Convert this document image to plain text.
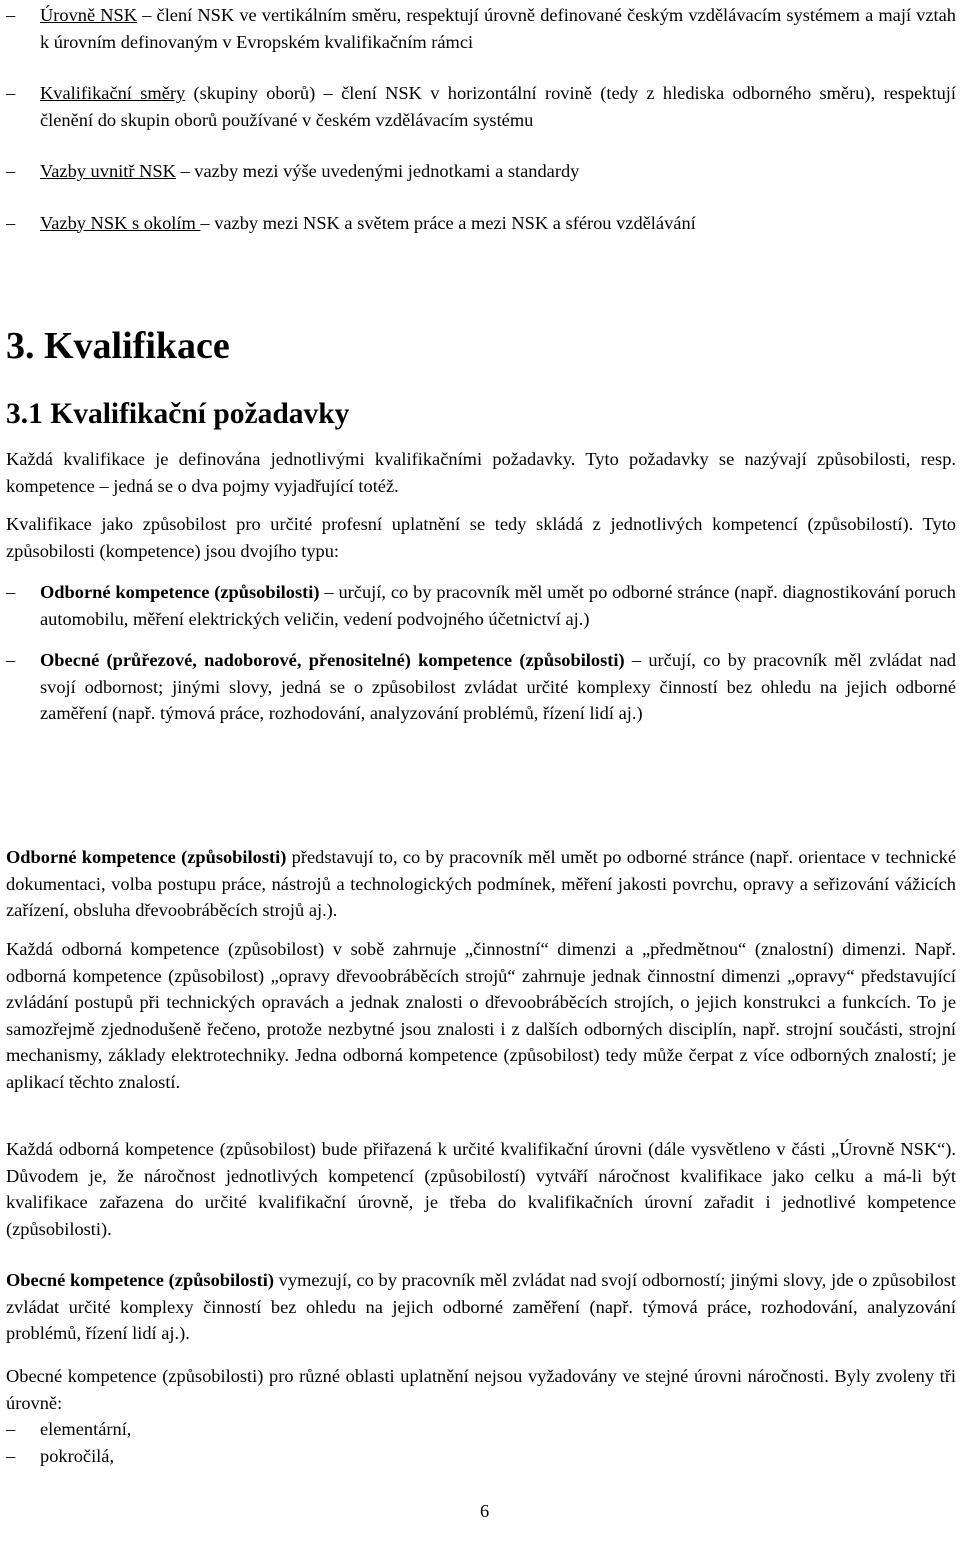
–	Úrovně NSK – člení NSK ve vertikálním směru, respektují úrovně definované českým vzdělávacím systémem a mají vztah k úrovním definovaným v Evropském kvalifikačním rámci
–	Kvalifikační směry (skupiny oborů) – člení NSK v horizontální rovině (tedy z hlediska odborného směru), respektují členění do skupin oborů používané v českém vzdělávacím systému
–	Vazby uvnitř NSK – vazby mezi výše uvedenými jednotkami a standardy
–	Vazby NSK s okolím – vazby mezi NSK a světem práce a mezi NSK a sférou vzdělávání
3. Kvalifikace
3.1 Kvalifikační požadavky
Každá kvalifikace je definována jednotlivými kvalifikačními požadavky. Tyto požadavky se nazývají způsobilosti, resp. kompetence – jedná se o dva pojmy vyjadřující totéž.
Kvalifikace jako způsobilost pro určité profesní uplatnění se tedy skládá z jednotlivých kompetencí (způsobilostí). Tyto způsobilosti (kompetence) jsou dvojího typu:
–	Odborné kompetence (způsobilosti) – určují, co by pracovník měl umět po odborné stránce (např. diagnostikování poruch automobilu, měření elektrických veličin, vedení podvojného účetnictví aj.)
–	Obecné (průřezové, nadoborové, přenositelné) kompetence (způsobilosti) – určují, co by pracovník měl zvládat nad svojí odbornost; jinými slovy, jedná se o způsobilost zvládat určité komplexy činností bez ohledu na jejich odborné zaměření (např. týmová práce, rozhodování, analyzování problémů, řízení lidí aj.)
Odborné kompetence (způsobilosti) představují to, co by pracovník měl umět po odborné stránce (např. orientace v technické dokumentaci, volba postupu práce, nástrojů a technologických podmínek, měření jakosti povrchu, opravy a seřizování vážicích zařízení, obsluha dřevoobráběcích strojů aj.).
Každá odborná kompetence (způsobilost) v sobě zahrnuje „činnostní“ dimenzi a „předmětnou“ (znalostní) dimenzi. Např. odborná kompetence (způsobilost) „opravy dřevoobráběcích strojů“ zahrnuje jednak činnostní dimenzi „opravy“ představující zvládání postupů při technických opravách a jednak znalosti o dřevoobráběcích strojích, o jejich konstrukci a funkcích. To je samozřejmě zjednodušeně řečeno, protože nezbytné jsou znalosti i z dalších odborných disciplín, např. strojní součásti, strojní mechanismy, základy elektrotechniky. Jedna odborná kompetence (způsobilost) tedy může čerpat z více odborných znalostí; je aplikací těchto znalostí.
Každá odborná kompetence (způsobilost) bude přiřazená k určité kvalifikační úrovni (dále vysvětleno v části „Úrovně NSK“). Důvodem je, že náročnost jednotlivých kompetencí (způsobilostí) vytváří náročnost kvalifikace jako celku a má-li být kvalifikace zařazena do určité kvalifikační úrovně, je třeba do kvalifikačních úrovní zařadit i jednotlivé kompetence (způsobilosti).
Obecné kompetence (způsobilosti) vymezují, co by pracovník měl zvládat nad svojí odborností; jinými slovy, jde o způsobilost zvládat určité komplexy činností bez ohledu na jejich odborné zaměření (např. týmová práce, rozhodování, analyzování problémů, řízení lidí aj.).
Obecné kompetence (způsobilosti) pro různé oblasti uplatnění nejsou vyžadovány ve stejné úrovni náročnosti. Byly zvoleny tři úrovně:
–	elementární,
–	pokročilá,
6
